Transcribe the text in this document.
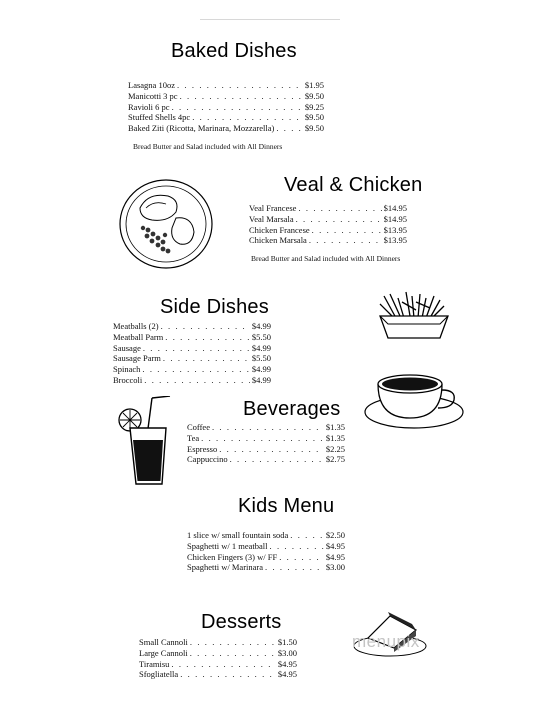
Baked Dishes
Lasagna 10oz . . .	$1.95
Manicotti 3 pc . . .	$9.50
Ravioli 6 pc . . .	$9.25
Stuffed Shells 4pc . . .	$9.50
Baked Ziti (Ricotta, Marinara, Mozzarella) . . .	$9.50
Bread Butter and Salad included with All Dinners
Veal & Chicken
Veal Francese . . .	$14.95
Veal Marsala . . .	$14.95
Chicken Francese . . .	$13.95
Chicken Marsala . . .	$13.95
Bread Butter and Salad included with All Dinners
Side Dishes
Meatballs (2) . . .	$4.99
Meatball Parm . . .	$5.50
Sausage . . .	$4.99
Sausage Parm . . .	$5.50
Spinach . . .	$4.99
Broccoli . . .	$4.99
Beverages
Coffee . . .	$1.35
Tea . . .	$1.35
Espresso . . .	$2.25
Cappuccino . . .	$2.75
Kids Menu
1 slice w/ small fountain soda . . .	$2.50
Spaghetti w/ 1 meatball . . .	$4.95
Chicken Fingers (3) w/ FF . . .	$4.95
Spaghetti w/ Marinara . . .	$3.00
Desserts
Small Cannoli . . .	$1.50
Large Cannoli . . .	$3.00
Tiramisu . . .	$4.95
Sfogliatella . . .	$4.95
menupix
